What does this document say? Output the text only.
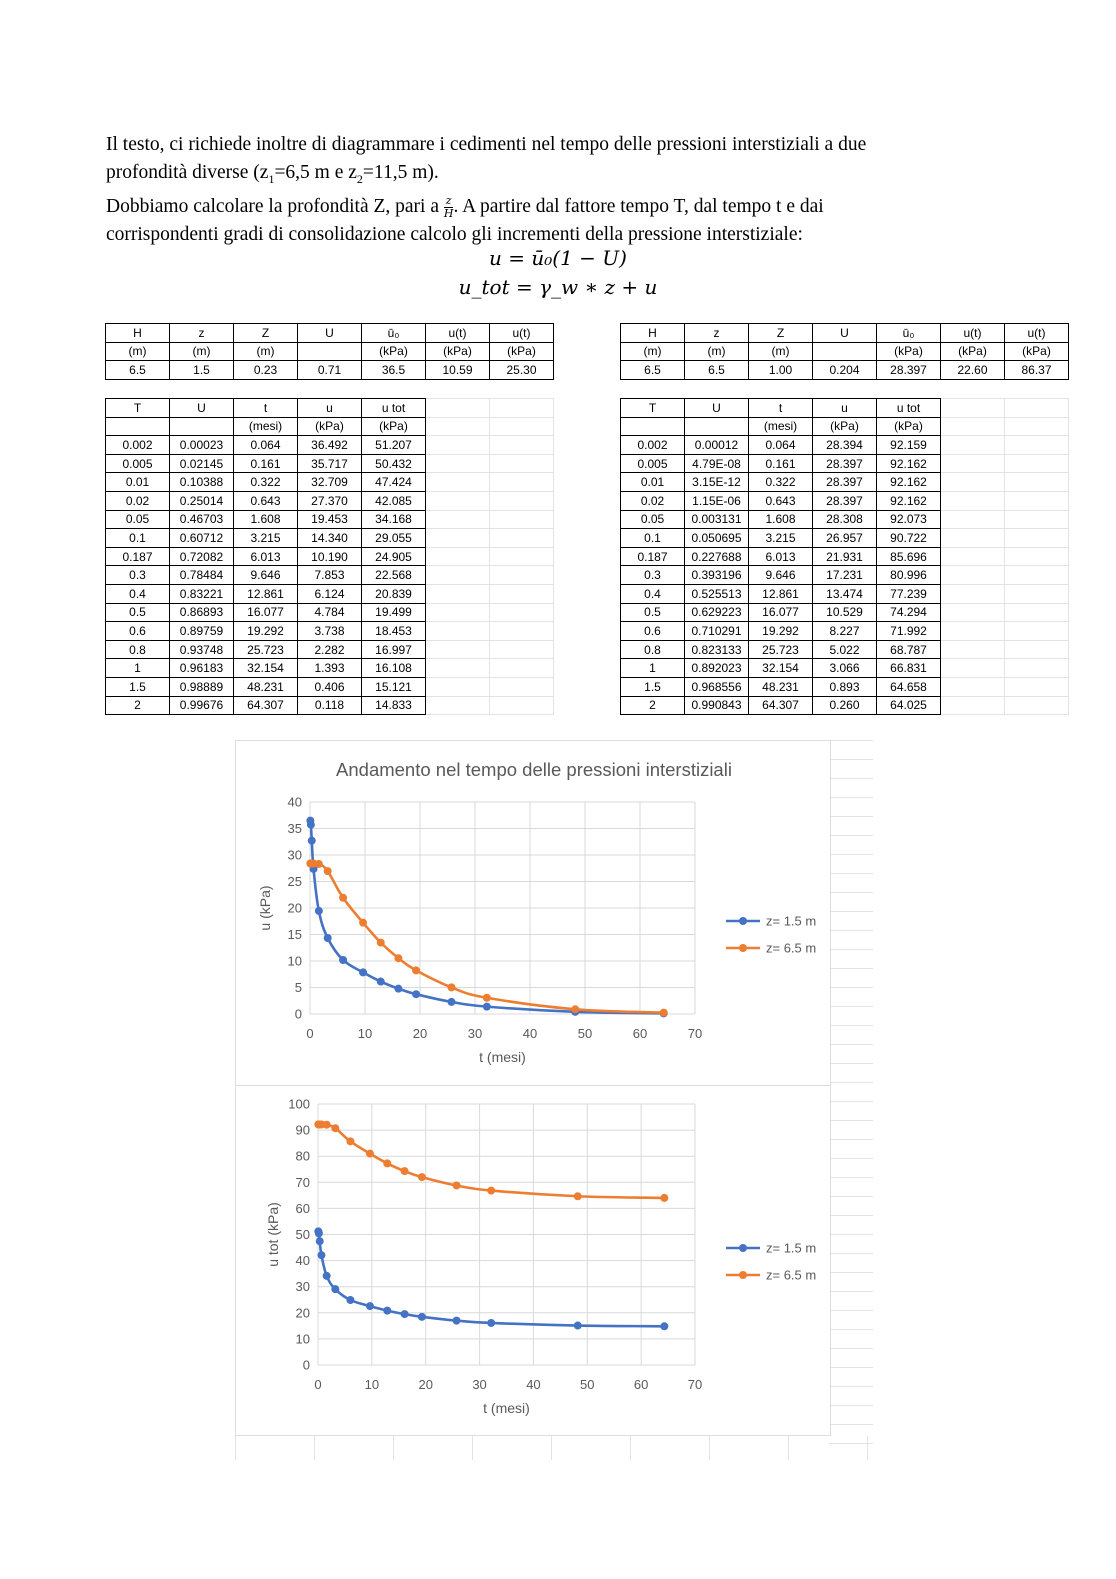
Il testo, ci richiede inoltre di diagrammare i cedimenti nel tempo delle pressioni interstiziali a due
profondità diverse ($z_1=6,5$ m e $z_2=11,5$ m).
Dobbiamo calcolare la profondità Z, pari a $\frac{z}{H}$ . A partire dal fattore tempo T, dal tempo t e dai
corrispondenti gradi di consolidazione calcolo gli incrementi della pressione interstiziale:
u = ū₀(1 − U)
u_tot = γ_w ∗ z + u
H	z	Z	U	ū₀	u(t)	u(t)
(m)	(m)	(m)		(kPa)	(kPa)	(kPa)
6.5	1.5	0.23	0.71	36.5	10.59	25.30
H	z	Z	U	ū₀	u(t)	u(t)
(m)	(m)	(m)		(kPa)	(kPa)	(kPa)
6.5	6.5	1.00	0.204	28.397	22.60	86.37
T	U	t	u	u tot		
		(mesi)	(kPa)	(kPa)		
0.002	0.00023	0.064	36.492	51.207		
0.005	0.02145	0.161	35.717	50.432		
0.01	0.10388	0.322	32.709	47.424		
0.02	0.25014	0.643	27.370	42.085		
0.05	0.46703	1.608	19.453	34.168		
0.1	0.60712	3.215	14.340	29.055		
0.187	0.72082	6.013	10.190	24.905		
0.3	0.78484	9.646	7.853	22.568		
0.4	0.83221	12.861	6.124	20.839		
0.5	0.86893	16.077	4.784	19.499		
0.6	0.89759	19.292	3.738	18.453		
0.8	0.93748	25.723	2.282	16.997		
1	0.96183	32.154	1.393	16.108		
1.5	0.98889	48.231	0.406	15.121		
2	0.99676	64.307	0.118	14.833		
T	U	t	u	u tot		
		(mesi)	(kPa)	(kPa)		
0.002	0.00012	0.064	28.394	92.159		
0.005	4.79E-08	0.161	28.397	92.162		
0.01	3.15E-12	0.322	28.397	92.162		
0.02	1.15E-06	0.643	28.397	92.162		
0.05	0.003131	1.608	28.308	92.073		
0.1	0.050695	3.215	26.957	90.722		
0.187	0.227688	6.013	21.931	85.696		
0.3	0.393196	9.646	17.231	80.996		
0.4	0.525513	12.861	13.474	77.239		
0.5	0.629223	16.077	10.529	74.294		
0.6	0.710291	19.292	8.227	71.992		
0.8	0.823133	25.723	5.022	68.787		
1	0.892023	32.154	3.066	66.831		
1.5	0.968556	48.231	0.893	64.658		
2	0.990843	64.307	0.260	64.025		
Andamento nel tempo delle pressioni interstiziali
0
5
10
15
20
25
30
35
40
0	10	20	30	40	50	60	70
t (mesi)
u (kPa)	z= 1.5 m
z= 6.5 m
0
10
20
30
40
50
60
70
80
90
100
0	10	20	30	40	50	60	70
t (mesi)
u tot (kPa)	z= 1.5 m
z= 6.5 m
